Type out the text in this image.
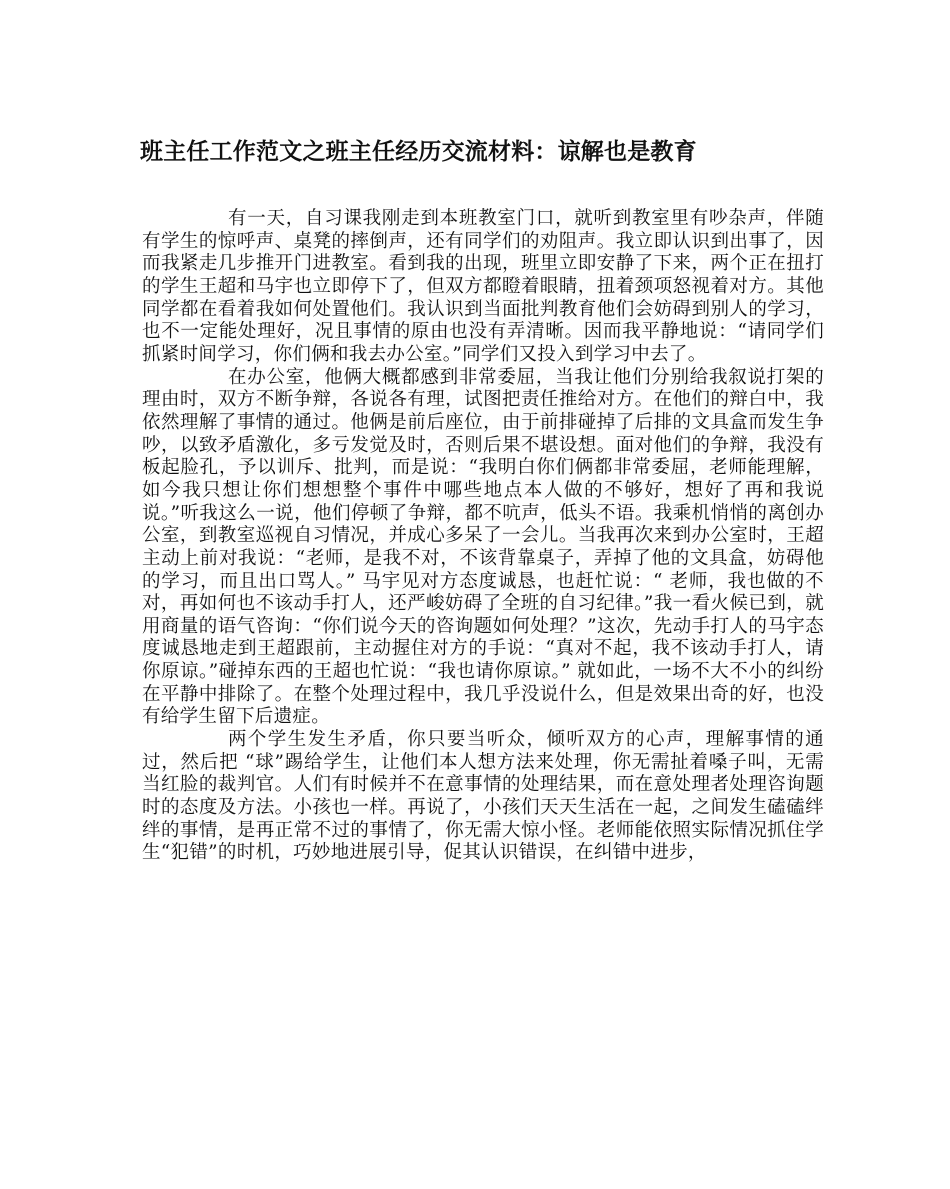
班主任工作范文之班主任经历交流材料：谅解也是教育

有一天，自习课我刚走到本班教室门口，就听到教室里有吵杂声，伴随有学生的惊呼声、桌凳的摔倒声，还有同学们的劝阻声。我立即认识到出事了，因而我紧走几步推开门进教室。看到我的出现，班里立即安静了下来，两个正在扭打的学生王超和马宇也立即停下了，但双方都瞪着眼睛，扭着颈项怒视着对方。其他同学都在看着我如何处置他们。我认识到当面批判教育他们会妨碍到别人的学习，也不一定能处理好，况且事情的原由也没有弄清晰。因而我平静地说：“请同学们抓紧时间学习，你们俩和我去办公室。”同学们又投入到学习中去了。

在办公室，他俩大概都感到非常委屈，当我让他们分别给我叙说打架的理由时，双方不断争辩，各说各有理，试图把责任推给对方。在他们的辩白中，我依然理解了事情的通过。他俩是前后座位，由于前排碰掉了后排的文具盒而发生争吵，以致矛盾激化，多亏发觉及时，否则后果不堪设想。面对他们的争辩，我没有板起脸孔，予以训斥、批判，而是说：“我明白你们俩都非常委屈，老师能理解，如今我只想让你们想想整个事件中哪些地点本人做的不够好，想好了再和我说说。”听我这么一说，他们停顿了争辩，都不吭声，低头不语。我乘机悄悄的离创办公室，到教室巡视自习情况，并成心多呆了一会儿。当我再次来到办公室时，王超主动上前对我说：“老师，是我不对，不该背靠桌子，弄掉了他的文具盒，妨碍他的学习，而且出口骂人。” 马宇见对方态度诚恳，也赶忙说：“ 老师，我也做的不对，再如何也不该动手打人，还严峻妨碍了全班的自习纪律。”我一看火候已到，就用商量的语气咨询：“你们说今天的咨询题如何处理？”这次，先动手打人的马宇态度诚恳地走到王超跟前，主动握住对方的手说：“真对不起，我不该动手打人，请你原谅。”碰掉东西的王超也忙说：“我也请你原谅。” 就如此，一场不大不小的纠纷在平静中排除了。在整个处理过程中，我几乎没说什么，但是效果出奇的好，也没有给学生留下后遗症。

两个学生发生矛盾，你只要当听众，倾听双方的心声，理解事情的通过，然后把 “球”踢给学生，让他们本人想方法来处理，你无需扯着嗓子叫，无需当红脸的裁判官。人们有时候并不在意事情的处理结果，而在意处理者处理咨询题时的态度及方法。小孩也一样。再说了，小孩们天天生活在一起，之间发生磕磕绊绊的事情，是再正常不过的事情了，你无需大惊小怪。老师能依照实际情况抓住学生“犯错”的时机，巧妙地进展引导，促其认识错误，在纠错中进步，
